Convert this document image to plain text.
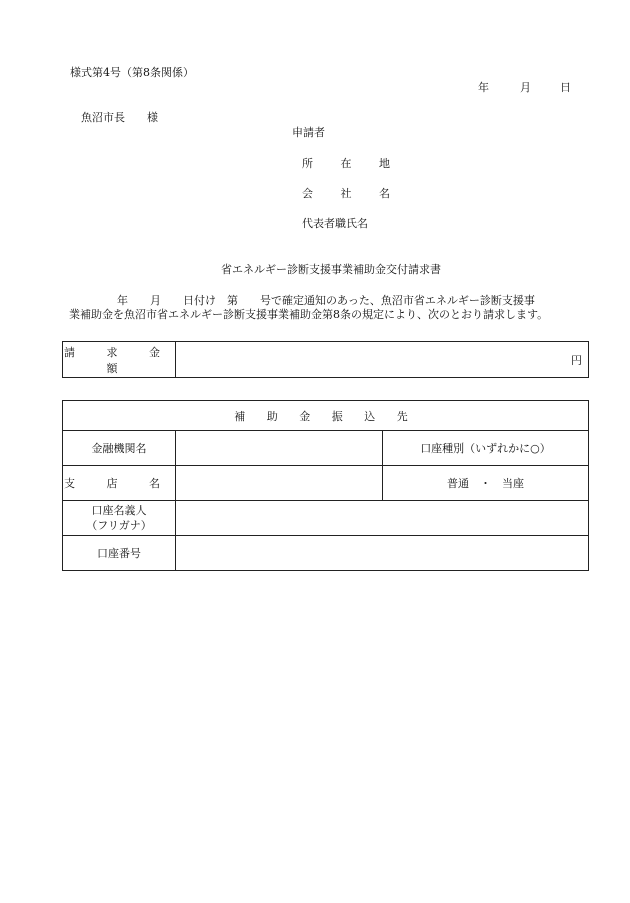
様式第4号（第8条関係）
年	月	日
魚沼市長　　様
申請者
所 在 地
会 社 名
代表者職氏名
省エネルギー診断支援事業補助金交付請求書
年　　月　　日付け　第　　号で確定通知のあった、魚沼市省エネルギー診断支援事
業補助金を魚沼市省エネルギー診断支援事業補助金第8条の規定により、次のとおり請求します。
請 求 金 額	円
補 助 金 振 込 先		
金融機関名		口座種別（いずれかに○）
支 店 名		普通　・　当座

口座名義人
（フリガナ）		

口座番号		
